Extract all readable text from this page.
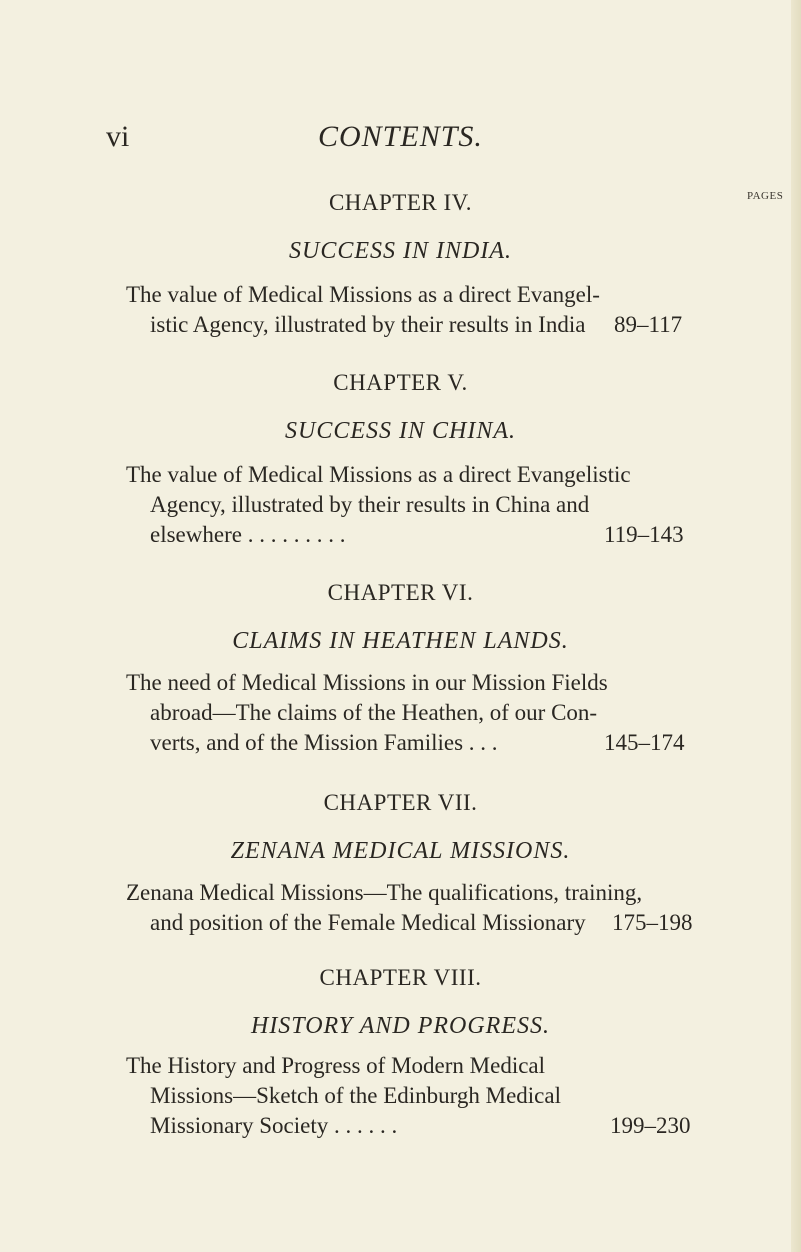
vi	CONTENTS.
PAGES
CHAPTER IV.
SUCCESS IN INDIA.
The value of Medical Missions as a direct Evangel-
istic Agency, illustrated by their results in India 89–117
CHAPTER V.
SUCCESS IN CHINA.
The value of Medical Missions as a direct Evangelistic
Agency, illustrated by their results in China and
elsewhere . . . . . . . . .	119–143
CHAPTER VI.
CLAIMS IN HEATHEN LANDS.
The need of Medical Missions in our Mission Fields
abroad—The claims of the Heathen, of our Con-
verts, and of the Mission Families . . .	145–174
CHAPTER VII.
ZENANA MEDICAL MISSIONS.
Zenana Medical Missions—The qualifications, training,
and position of the Female Medical Missionary 175–198
CHAPTER VIII.
HISTORY AND PROGRESS.
The History and Progress of Modern Medical
Missions—Sketch of the Edinburgh Medical
Missionary Society . . . . . .	199–230
